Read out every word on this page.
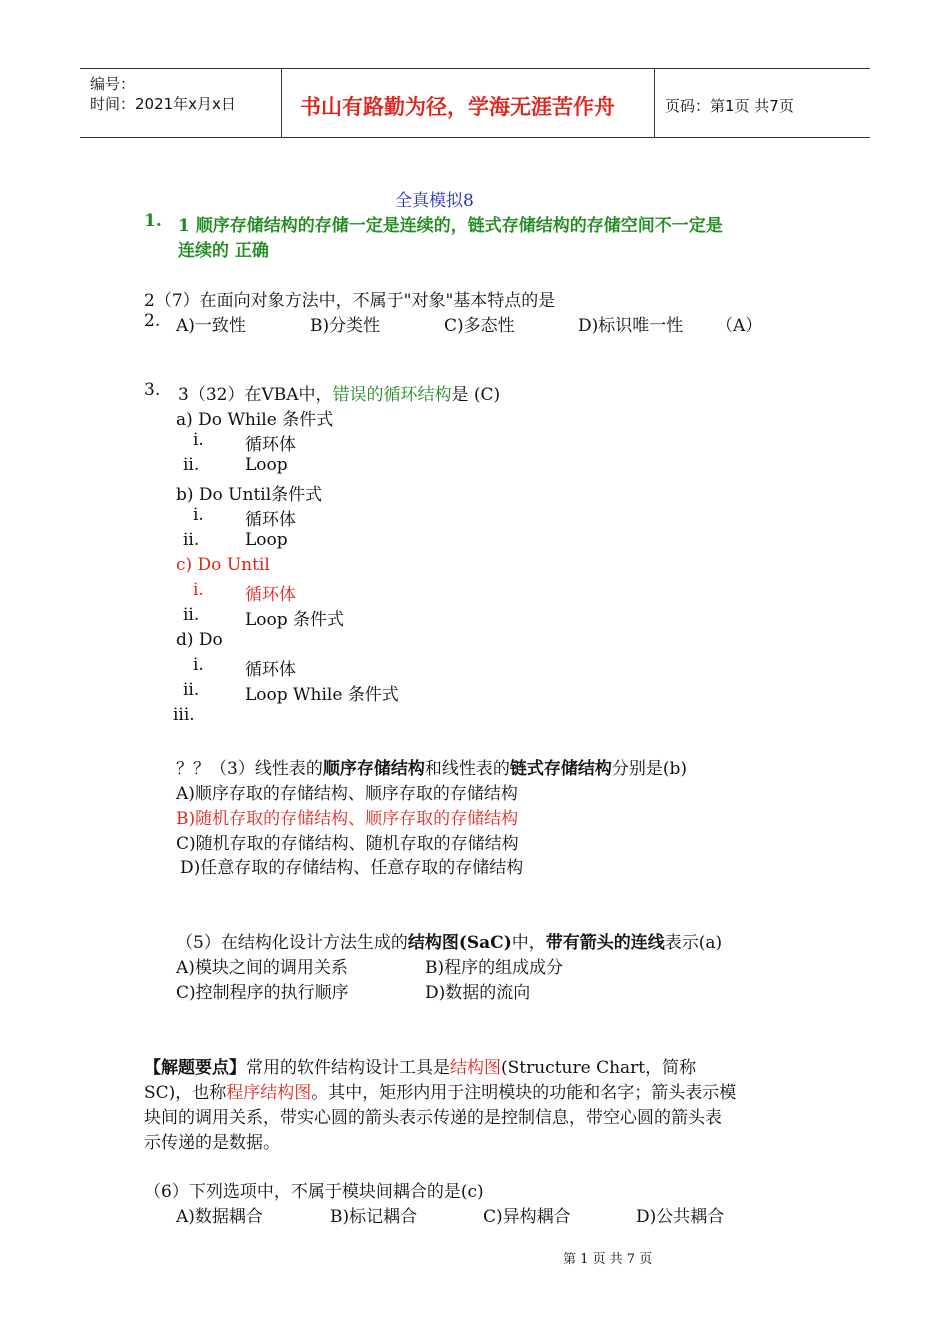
编号：
时间：2021年x月x日	书山有路勤为径，学海无涯苦作舟	页码：第1页 共7页
全真模拟8
1. 1 顺序存储结构的存储一定是连续的，链式存储结构的存储空间不一定是
连续的 正确
2（7）在面向对象方法中，不属于"对象"基本特点的是
2. A)一致性	B)分类性	C)多态性	D)标识唯一性 （A）
3. 3（32）在VBA中，错误的循环结构是 (C)
a) Do While 条件式
i. 循环体
ii.	Loop
b) Do Until条件式
i. 循环体
ii.	Loop
c) Do Until
i. 循环体
ii.	Loop 条件式
d) Do
i. 循环体
ii.	Loop While 条件式
iii.
？？（3）线性表的顺序存储结构和线性表的链式存储结构分别是(b)
A)顺序存取的存储结构、顺序存取的存储结构
B)随机存取的存储结构、顺序存取的存储结构
C)随机存取的存储结构、随机存取的存储结构
D)任意存取的存储结构、任意存取的存储结构
（5）在结构化设计方法生成的结构图(SaC)中，带有箭头的连线表示(a)
A)模块之间的调用关系	B)程序的组成成分
C)控制程序的执行顺序	D)数据的流向
【解题要点】常用的软件结构设计工具是结构图(Structure Chart，简称
SC)，也称程序结构图。其中，矩形内用于注明模块的功能和名字；箭头表示模
块间的调用关系，带实心圆的箭头表示传递的是控制信息，带空心圆的箭头表
示传递的是数据。
（6）下列选项中，不属于模块间耦合的是(c)
A)数据耦合	B)标记耦合	C)异构耦合	D)公共耦合
第 1 页 共 7 页
